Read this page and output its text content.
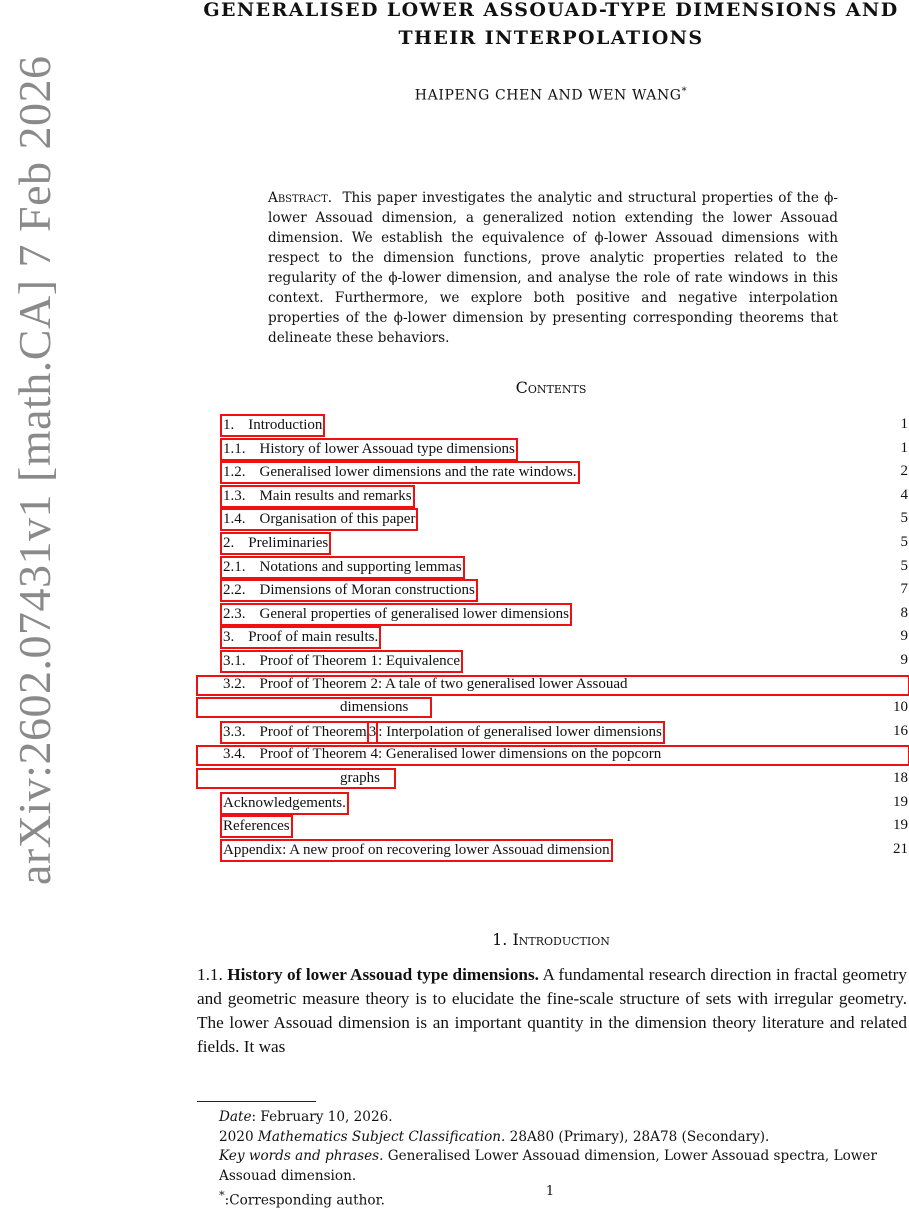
arXiv:2602.07431v1 [math.CA] 7 Feb 2026
GENERALISED LOWER ASSOUAD-TYPE DIMENSIONS AND
THEIR INTERPOLATIONS
HAIPENG CHEN AND WEN WANG*
Abstract. This paper investigates the analytic and structural properties of the ϕ-lower Assouad dimension, a generalized notion extending the lower Assouad dimension. We establish the equivalence of ϕ-lower Assouad dimensions with respect to the dimension functions, prove analytic properties related to the regularity of the ϕ-lower dimension, and analyse the role of rate windows in this context. Furthermore, we explore both positive and negative interpolation properties of the ϕ-lower dimension by presenting corresponding theorems that delineate these behaviors.
Contents
1. Introduction	1
1.1. History of lower Assouad type dimensions	1
1.2. Generalised lower dimensions and the rate windows.	2
1.3. Main results and remarks	4
1.4. Organisation of this paper	5
2. Preliminaries	5
2.1. Notations and supporting lemmas	5
2.2. Dimensions of Moran constructions	7
2.3. General properties of generalised lower dimensions	8
3. Proof of main results.	9
3.1. Proof of Theorem 1: Equivalence	9
3.2. Proof of Theorem 2: A tale of two generalised lower Assouad
dimensions	10
3.3. Proof of Theorem3 : Interpolation of generalised lower dimensions	16
3.4. Proof of Theorem 4: Generalised lower dimensions on the popcorn
graphs	18
Acknowledgements.	19
References	19
Appendix: A new proof on recovering lower Assouad dimension	21
1. Introduction
1.1. History of lower Assouad type dimensions. A fundamental research direction in fractal geometry and geometric measure theory is to elucidate the fine-scale structure of sets with irregular geometry. The lower Assouad dimension is an important quantity in the dimension theory literature and related fields. It was
Date: February 10, 2026.
2020 Mathematics Subject Classification. 28A80 (Primary), 28A78 (Secondary).
Key words and phrases. Generalised Lower Assouad dimension, Lower Assouad spectra, Lower Assouad dimension.
*:Corresponding author.
1
